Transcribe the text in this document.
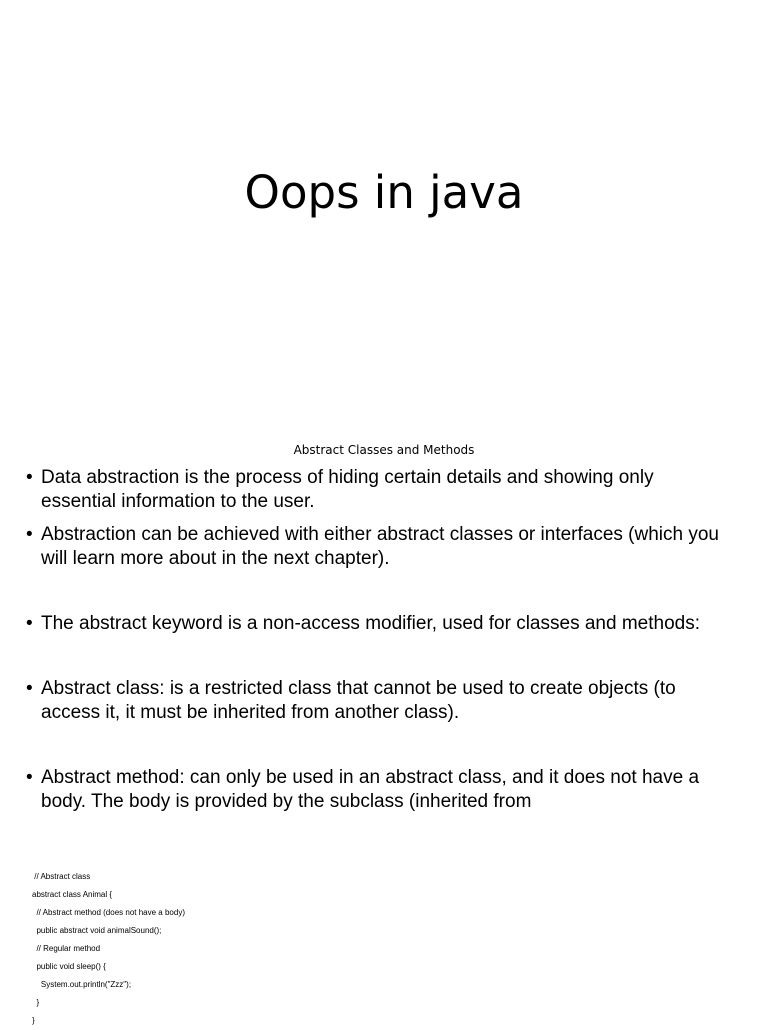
Oops in java
Abstract Classes and Methods
• Data abstraction is the process of hiding certain details and showing only essential information to the user.
• Abstraction can be achieved with either abstract classes or interfaces (which you will learn more about in the next chapter).
• The abstract keyword is a non-access modifier, used for classes and methods:
• Abstract class: is a restricted class that cannot be used to create objects (to access it, it must be inherited from another class).
• Abstract method: can only be used in an abstract class, and it does not have a body. The body is provided by the subclass (inherited from
// Abstract class
abstract class Animal {
// Abstract method (does not have a body)
public abstract void animalSound();
// Regular method
public void sleep() {
System.out.println("Zzz");
}
}
